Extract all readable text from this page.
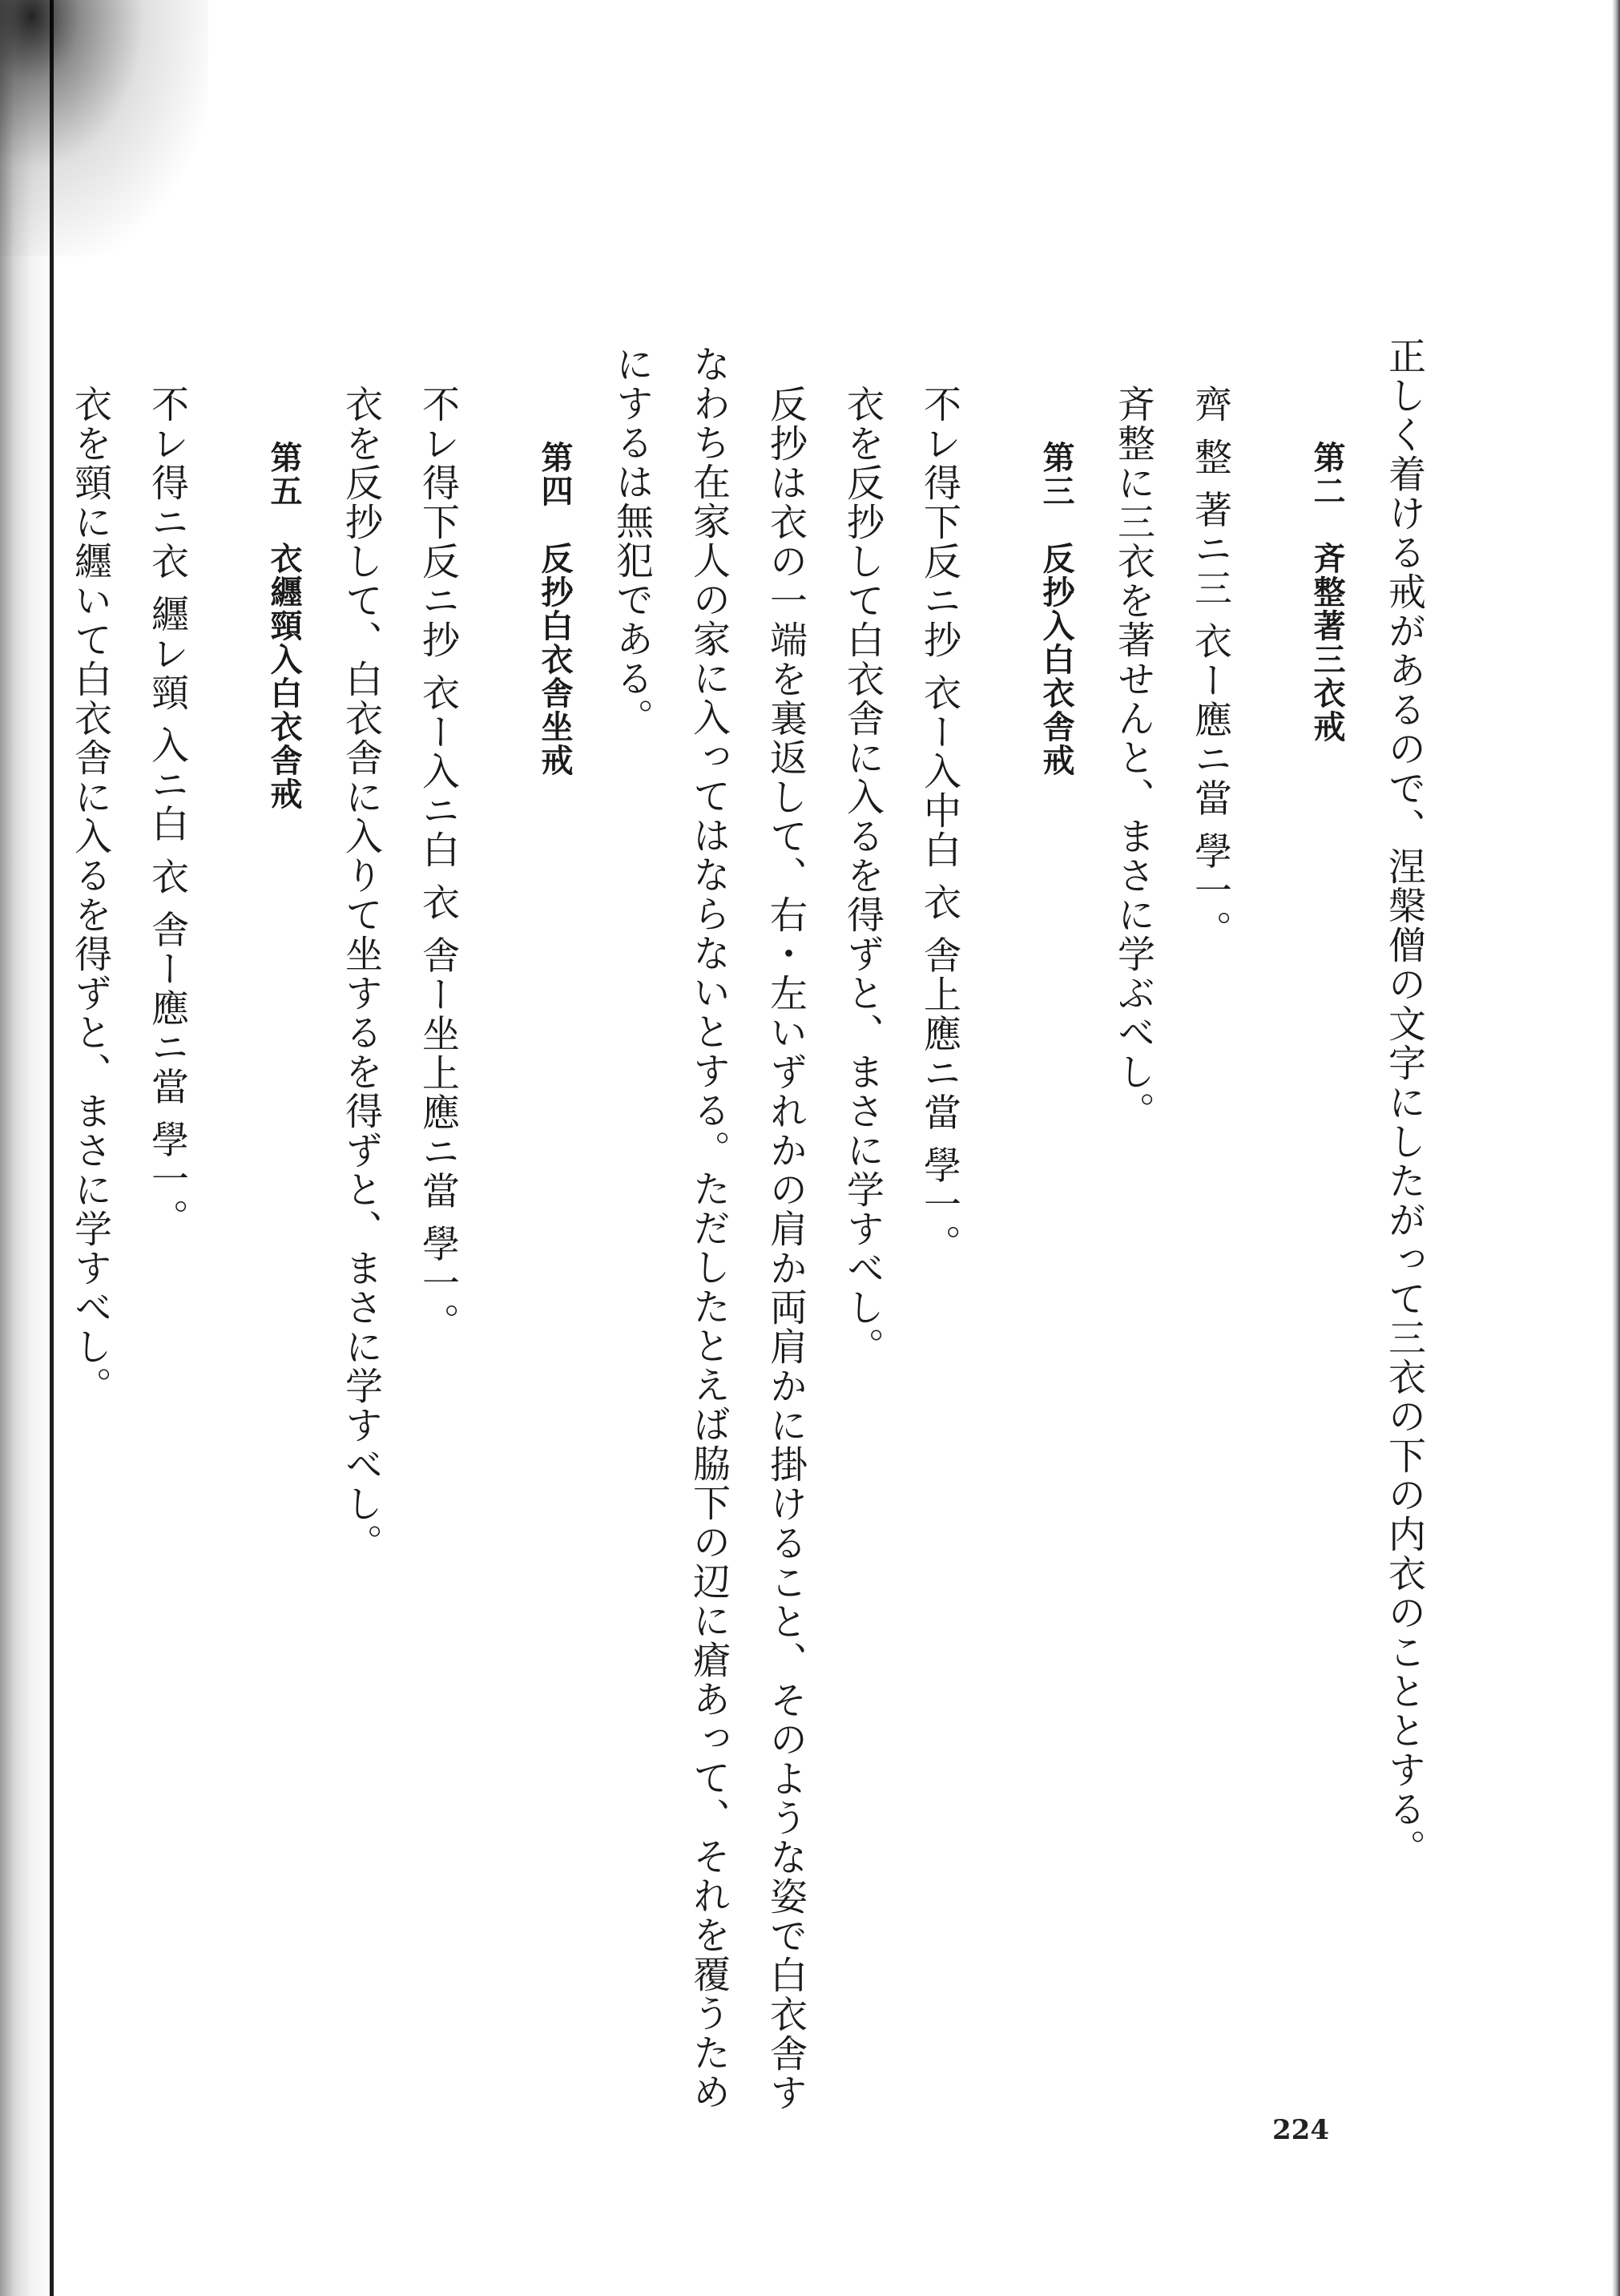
正しく着ける戒があるので、涅槃僧の文字にしたがって三衣の下の内衣のこととする。
第二　斉整著三衣戒
齊 整 著ニ三 衣ー應ニ當 學一。
斉整に三衣を著せんと、まさに学ぶべし。
第三　反抄入白衣舎戒
不レ得下反ニ抄 衣ー入中白 衣 舎上應ニ當 學一。
衣を反抄して白衣舎に入るを得ずと、まさに学すべし。
反抄は衣の一端を裏返して、右・左いずれかの肩か両肩かに掛けること、そのような姿で白衣舎す
なわち在家人の家に入ってはならないとする。ただしたとえば脇下の辺に瘡あって、それを覆うため
にするは無犯である。
第四　反抄白衣舎坐戒
不レ得下反ニ抄 衣ー入ニ白 衣 舎ー坐上應ニ當 學一。
衣を反抄して、白衣舎に入りて坐するを得ずと、まさに学すべし。
第五　衣纒頸入白衣舎戒
不レ得ニ衣 纒レ頸 入ニ白 衣 舎ー應ニ當 學一。
衣を頸に纒いて白衣舎に入るを得ずと、まさに学すべし。
224
